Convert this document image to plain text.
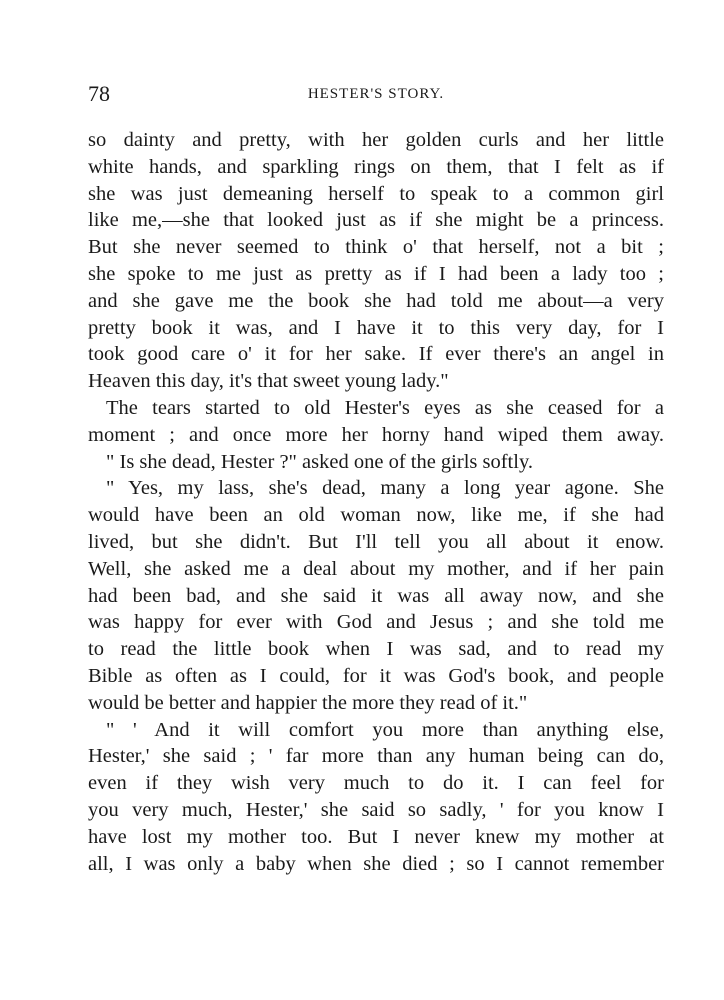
78	HESTER'S STORY.
so dainty and pretty, with her golden curls and her little
white hands, and sparkling rings on them, that I felt as if
she was just demeaning herself to speak to a common girl
like me,—she that looked just as if she might be a princess.
But she never seemed to think o' that herself, not a bit ;
she spoke to me just as pretty as if I had been a lady too ;
and she gave me the book she had told me about—a very
pretty book it was, and I have it to this very day, for I
took good care o' it for her sake. If ever there's an angel in
Heaven this day, it's that sweet young lady."
The tears started to old Hester's eyes as she ceased for a
moment ; and once more her horny hand wiped them away.
" Is she dead, Hester ?" asked one of the girls softly.
" Yes, my lass, she's dead, many a long year agone. She
would have been an old woman now, like me, if she had
lived, but she didn't. But I'll tell you all about it enow.
Well, she asked me a deal about my mother, and if her pain
had been bad, and she said it was all away now, and she
was happy for ever with God and Jesus ; and she told me
to read the little book when I was sad, and to read my
Bible as often as I could, for it was God's book, and people
would be better and happier the more they read of it."
" ' And it will comfort you more than anything else,
Hester,' she said ; ' far more than any human being can do,
even if they wish very much to do it. I can feel for
you very much, Hester,' she said so sadly, ' for you know I
have lost my mother too. But I never knew my mother at
all, I was only a baby when she died ; so I cannot remember
